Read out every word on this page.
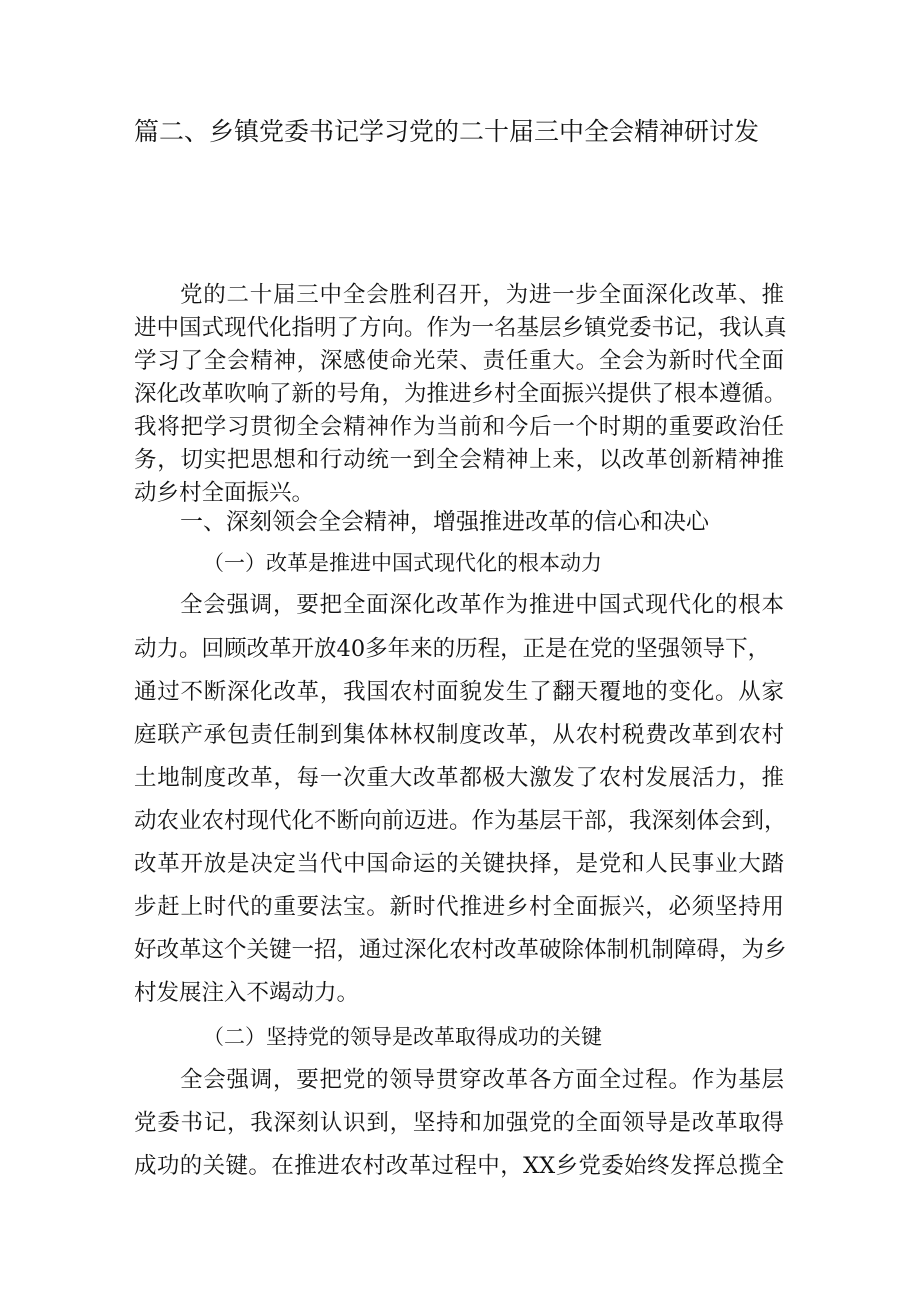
篇二、乡镇党委书记学习党的二十届三中全会精神研讨发
党的二十届三中全会胜利召开，为进一步全面深化改革、推
进中国式现代化指明了方向。作为一名基层乡镇党委书记，我认真
学习了全会精神，深感使命光荣、责任重大。全会为新时代全面
深化改革吹响了新的号角，为推进乡村全面振兴提供了根本遵循。
我将把学习贯彻全会精神作为当前和今后一个时期的重要政治任
务，切实把思想和行动统一到全会精神上来，以改革创新精神推
动乡村全面振兴。
一、深刻领会全会精神，增强推进改革的信心和决心
（一）改革是推进中国式现代化的根本动力
全会强调，要把全面深化改革作为推进中国式现代化的根本
动力。回顾改革开放40多年来的历程，正是在党的坚强领导下，
通过不断深化改革，我国农村面貌发生了翻天覆地的变化。从家
庭联产承包责任制到集体林权制度改革，从农村税费改革到农村
土地制度改革，每一次重大改革都极大激发了农村发展活力，推
动农业农村现代化不断向前迈进。作为基层干部，我深刻体会到，
改革开放是决定当代中国命运的关键抉择，是党和人民事业大踏
步赶上时代的重要法宝。新时代推进乡村全面振兴，必须坚持用
好改革这个关键一招，通过深化农村改革破除体制机制障碍，为乡
村发展注入不竭动力。
（二）坚持党的领导是改革取得成功的关键
全会强调，要把党的领导贯穿改革各方面全过程。作为基层
党委书记，我深刻认识到，坚持和加强党的全面领导是改革取得
成功的关键。在推进农村改革过程中，XX乡党委始终发挥总揽全
